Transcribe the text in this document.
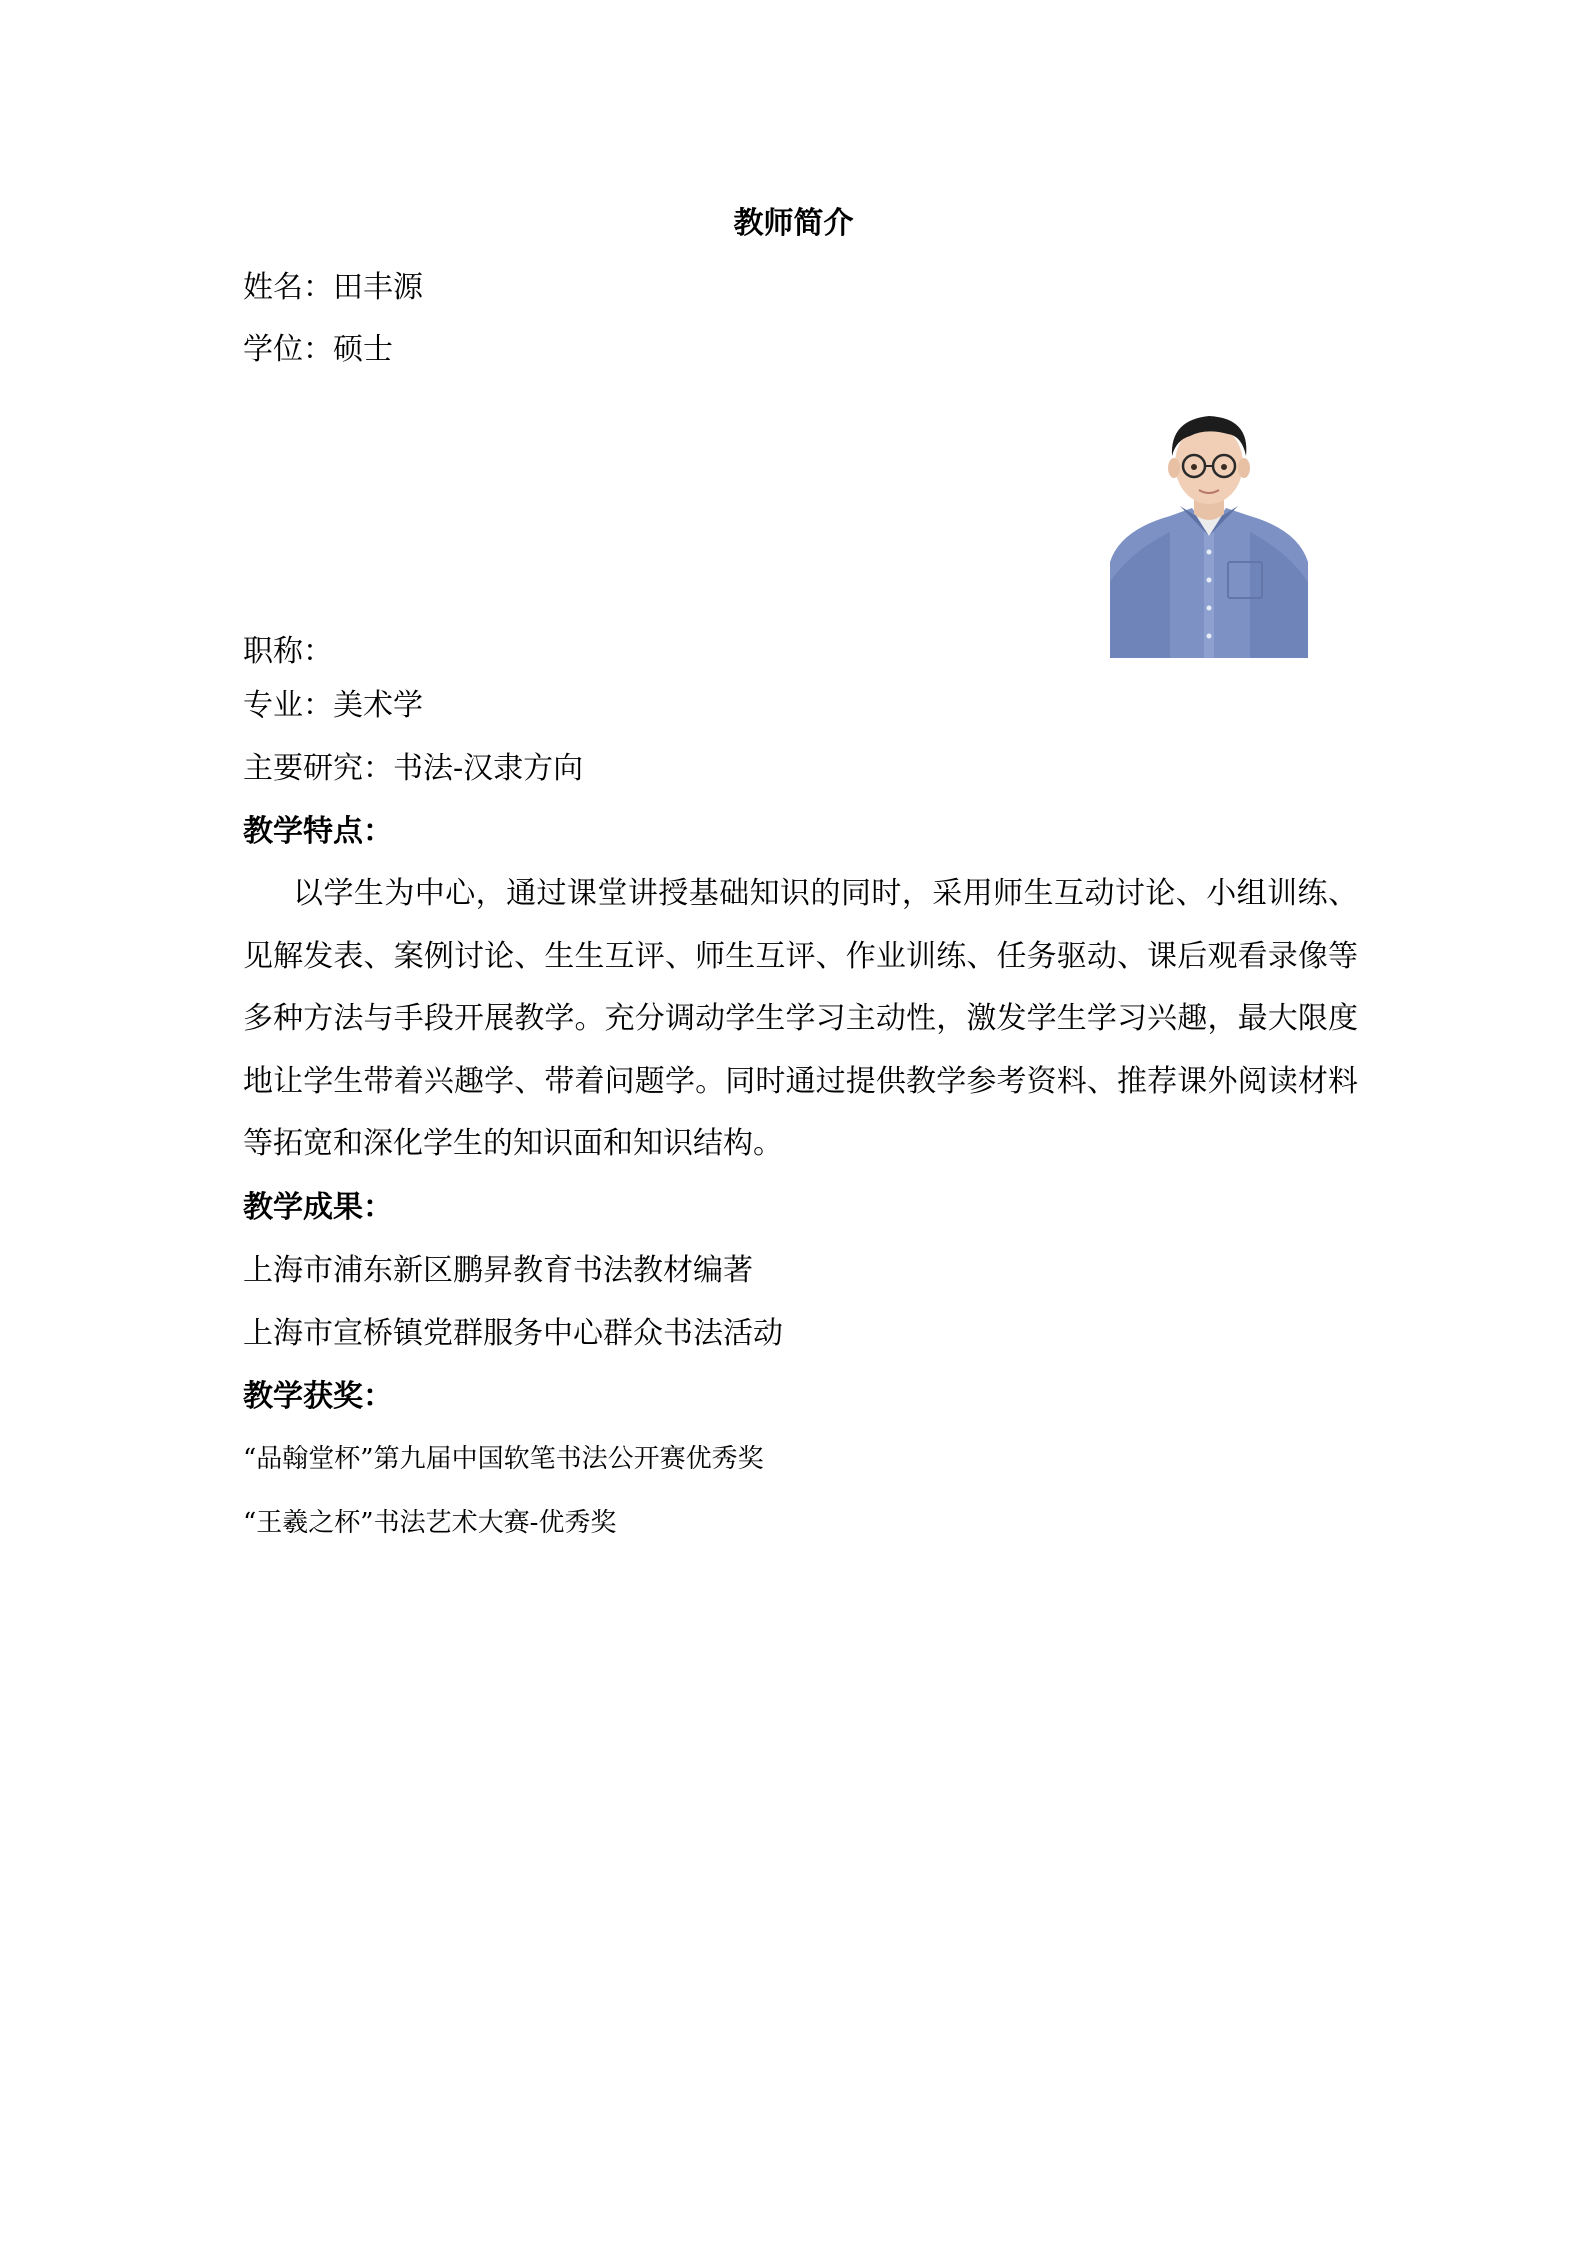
教师简介
姓名：田丰源
学位：硕士
职称：
专业：美术学
主要研究：书法-汉隶方向
教学特点：
以学生为中心，通过课堂讲授基础知识的同时，采用师生互动讨论、小组训练、见解发表、案例讨论、生生互评、师生互评、作业训练、任务驱动、课后观看录像等多种方法与手段开展教学。充分调动学生学习主动性，激发学生学习兴趣，最大限度地让学生带着兴趣学、带着问题学。同时通过提供教学参考资料、推荐课外阅读材料等拓宽和深化学生的知识面和知识结构。
教学成果：
上海市浦东新区鹏昇教育书法教材编著
上海市宣桥镇党群服务中心群众书法活动
教学获奖：
“品翰堂杯”第九届中国软笔书法公开赛优秀奖
“王羲之杯”书法艺术大赛-优秀奖
